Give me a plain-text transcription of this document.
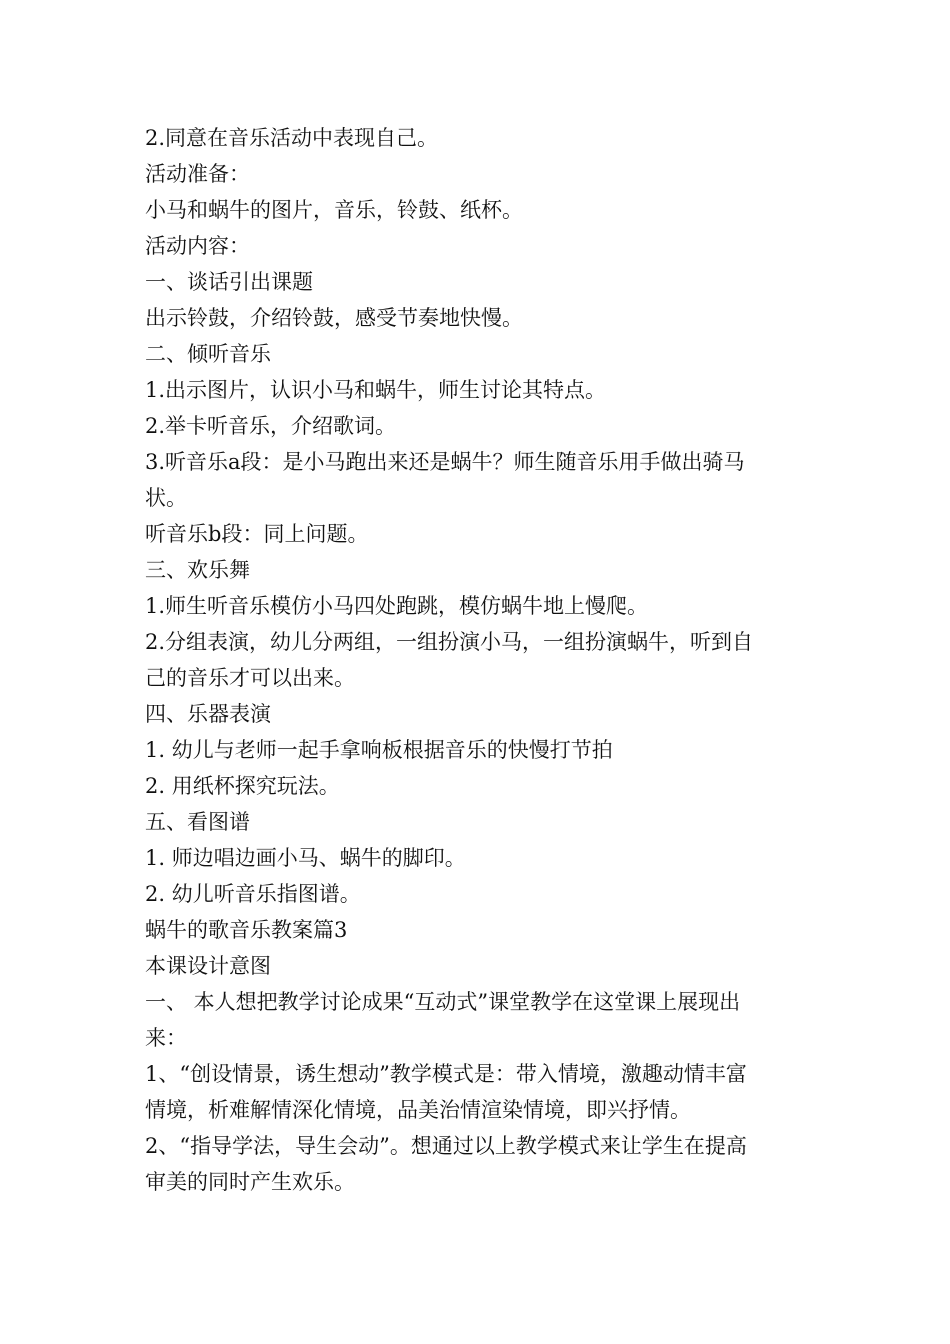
2.同意在音乐活动中表现自己。
活动准备：
小马和蜗牛的图片，音乐，铃鼓、纸杯。
活动内容：
一、谈话引出课题
出示铃鼓，介绍铃鼓，感受节奏地快慢。
二、倾听音乐
1.出示图片，认识小马和蜗牛，师生讨论其特点。
2.举卡听音乐，介绍歌词。
3.听音乐a段：是小马跑出来还是蜗牛？师生随音乐用手做出骑马
状。
听音乐b段：同上问题。
三、欢乐舞
1.师生听音乐模仿小马四处跑跳，模仿蜗牛地上慢爬。
2.分组表演，幼儿分两组，一组扮演小马，一组扮演蜗牛，听到自
己的音乐才可以出来。
四、乐器表演
1. 幼儿与老师一起手拿响板根据音乐的快慢打节拍
2. 用纸杯探究玩法。
五、看图谱
1. 师边唱边画小马、蜗牛的脚印。
2. 幼儿听音乐指图谱。
蜗牛的歌音乐教案篇3
本课设计意图
一、 本人想把教学讨论成果“互动式”课堂教学在这堂课上展现出
来：
1、“创设情景，诱生想动”教学模式是：带入情境，激趣动情丰富
情境，析难解情深化情境，品美治情渲染情境，即兴抒情。
2、“指导学法，导生会动”。想通过以上教学模式来让学生在提高
审美的同时产生欢乐。
